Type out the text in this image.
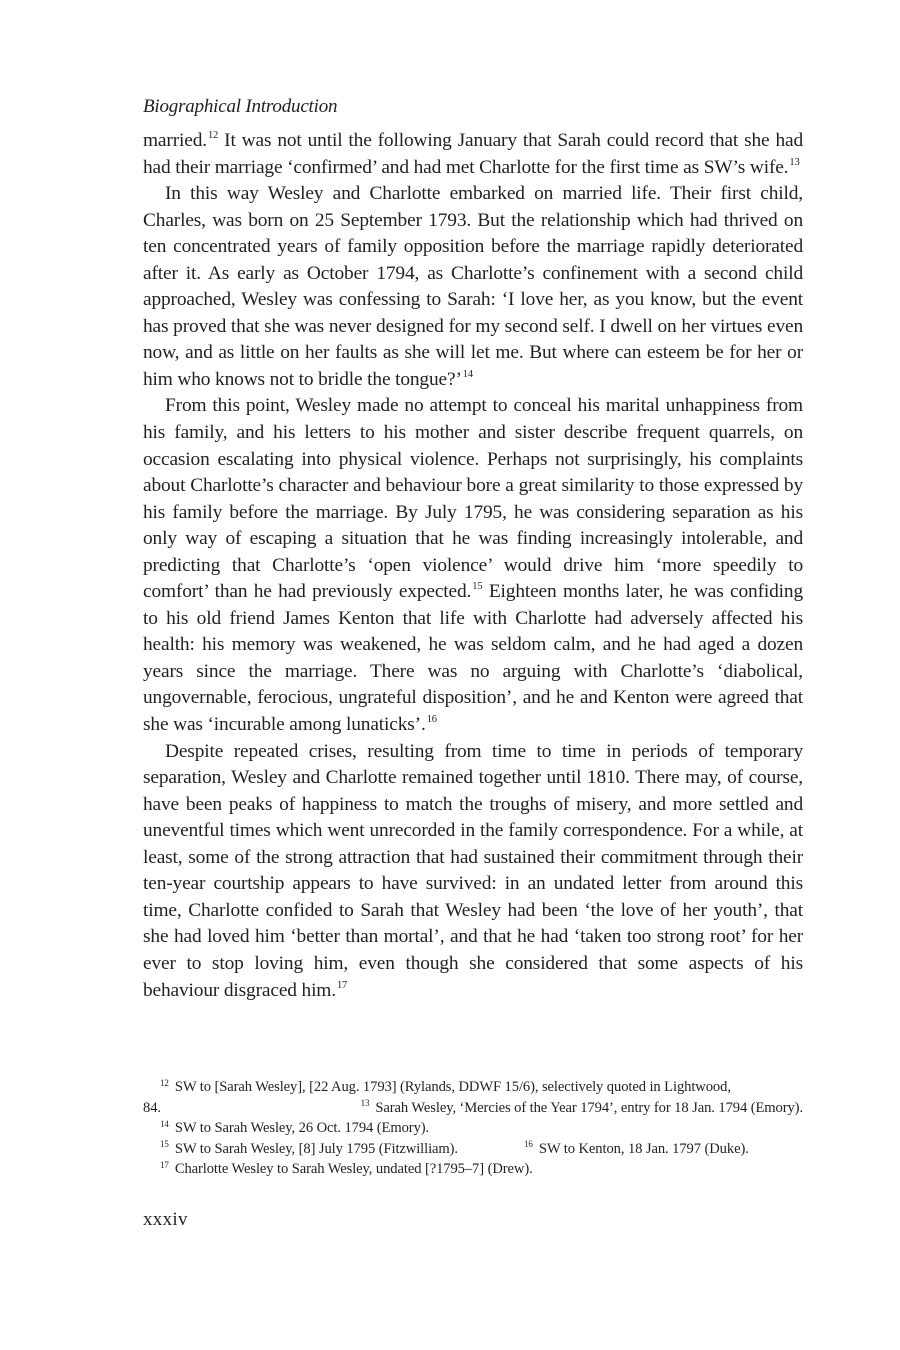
Biographical Introduction

married.$^{12}$ It was not until the following January that Sarah could record that she had had their marriage ‘confirmed’ and had met Charlotte for the first time as SW’s wife.$^{13}$

In this way Wesley and Charlotte embarked on married life. Their first child, Charles, was born on 25 September 1793. But the relationship which had thrived on ten concentrated years of family opposition before the marriage rapidly deteriorated after it. As early as October 1794, as Charlotte’s confinement with a second child approached, Wesley was confessing to Sarah: ‘I love her, as you know, but the event has proved that she was never designed for my second self. I dwell on her virtues even now, and as little on her faults as she will let me. But where can esteem be for her or him who knows not to bridle the tongue?’$^{14}$

From this point, Wesley made no attempt to conceal his marital unhappiness from his family, and his letters to his mother and sister describe frequent quarrels, on occasion escalating into physical violence. Perhaps not surprisingly, his complaints about Charlotte’s character and behaviour bore a great similarity to those expressed by his family before the marriage. By July 1795, he was considering separation as his only way of escaping a situation that he was finding increasingly intolerable, and predicting that Charlotte’s ‘open violence’ would drive him ‘more speedily to comfort’ than he had previously expected.$^{15}$ Eighteen months later, he was confiding to his old friend James Kenton that life with Charlotte had adversely affected his health: his memory was weakened, he was seldom calm, and he had aged a dozen years since the marriage. There was no arguing with Charlotte’s ‘diabolical, ungovernable, ferocious, ungrateful disposition’, and he and Kenton were agreed that she was ‘incurable among lunaticks’.$^{16}$

Despite repeated crises, resulting from time to time in periods of temporary separation, Wesley and Charlotte remained together until 1810. There may, of course, have been peaks of happiness to match the troughs of misery, and more settled and uneventful times which went unrecorded in the family correspondence. For a while, at least, some of the strong attraction that had sustained their commitment through their ten-year courtship appears to have survived: in an undated letter from around this time, Charlotte confided to Sarah that Wesley had been ‘the love of her youth’, that she had loved him ‘better than mortal’, and that he had ‘taken too strong root’ for her ever to stop loving him, even though she considered that some aspects of his behaviour disgraced him.$^{17}$

$^{12}$ SW to [Sarah Wesley], [22 Aug. 1793] (Rylands, DDWF 15/6), selectively quoted in Lightwood,
84.	$^{13}$ Sarah Wesley, ‘Mercies of the Year 1794’, entry for 18 Jan. 1794 (Emory).
$^{14}$ SW to Sarah Wesley, 26 Oct. 1794 (Emory).
$^{15}$ SW to Sarah Wesley, [8] July 1795 (Fitzwilliam).	$^{16}$ SW to Kenton, 18 Jan. 1797 (Duke).
$^{17}$ Charlotte Wesley to Sarah Wesley, undated [?1795–7] (Drew).
xxxiv
